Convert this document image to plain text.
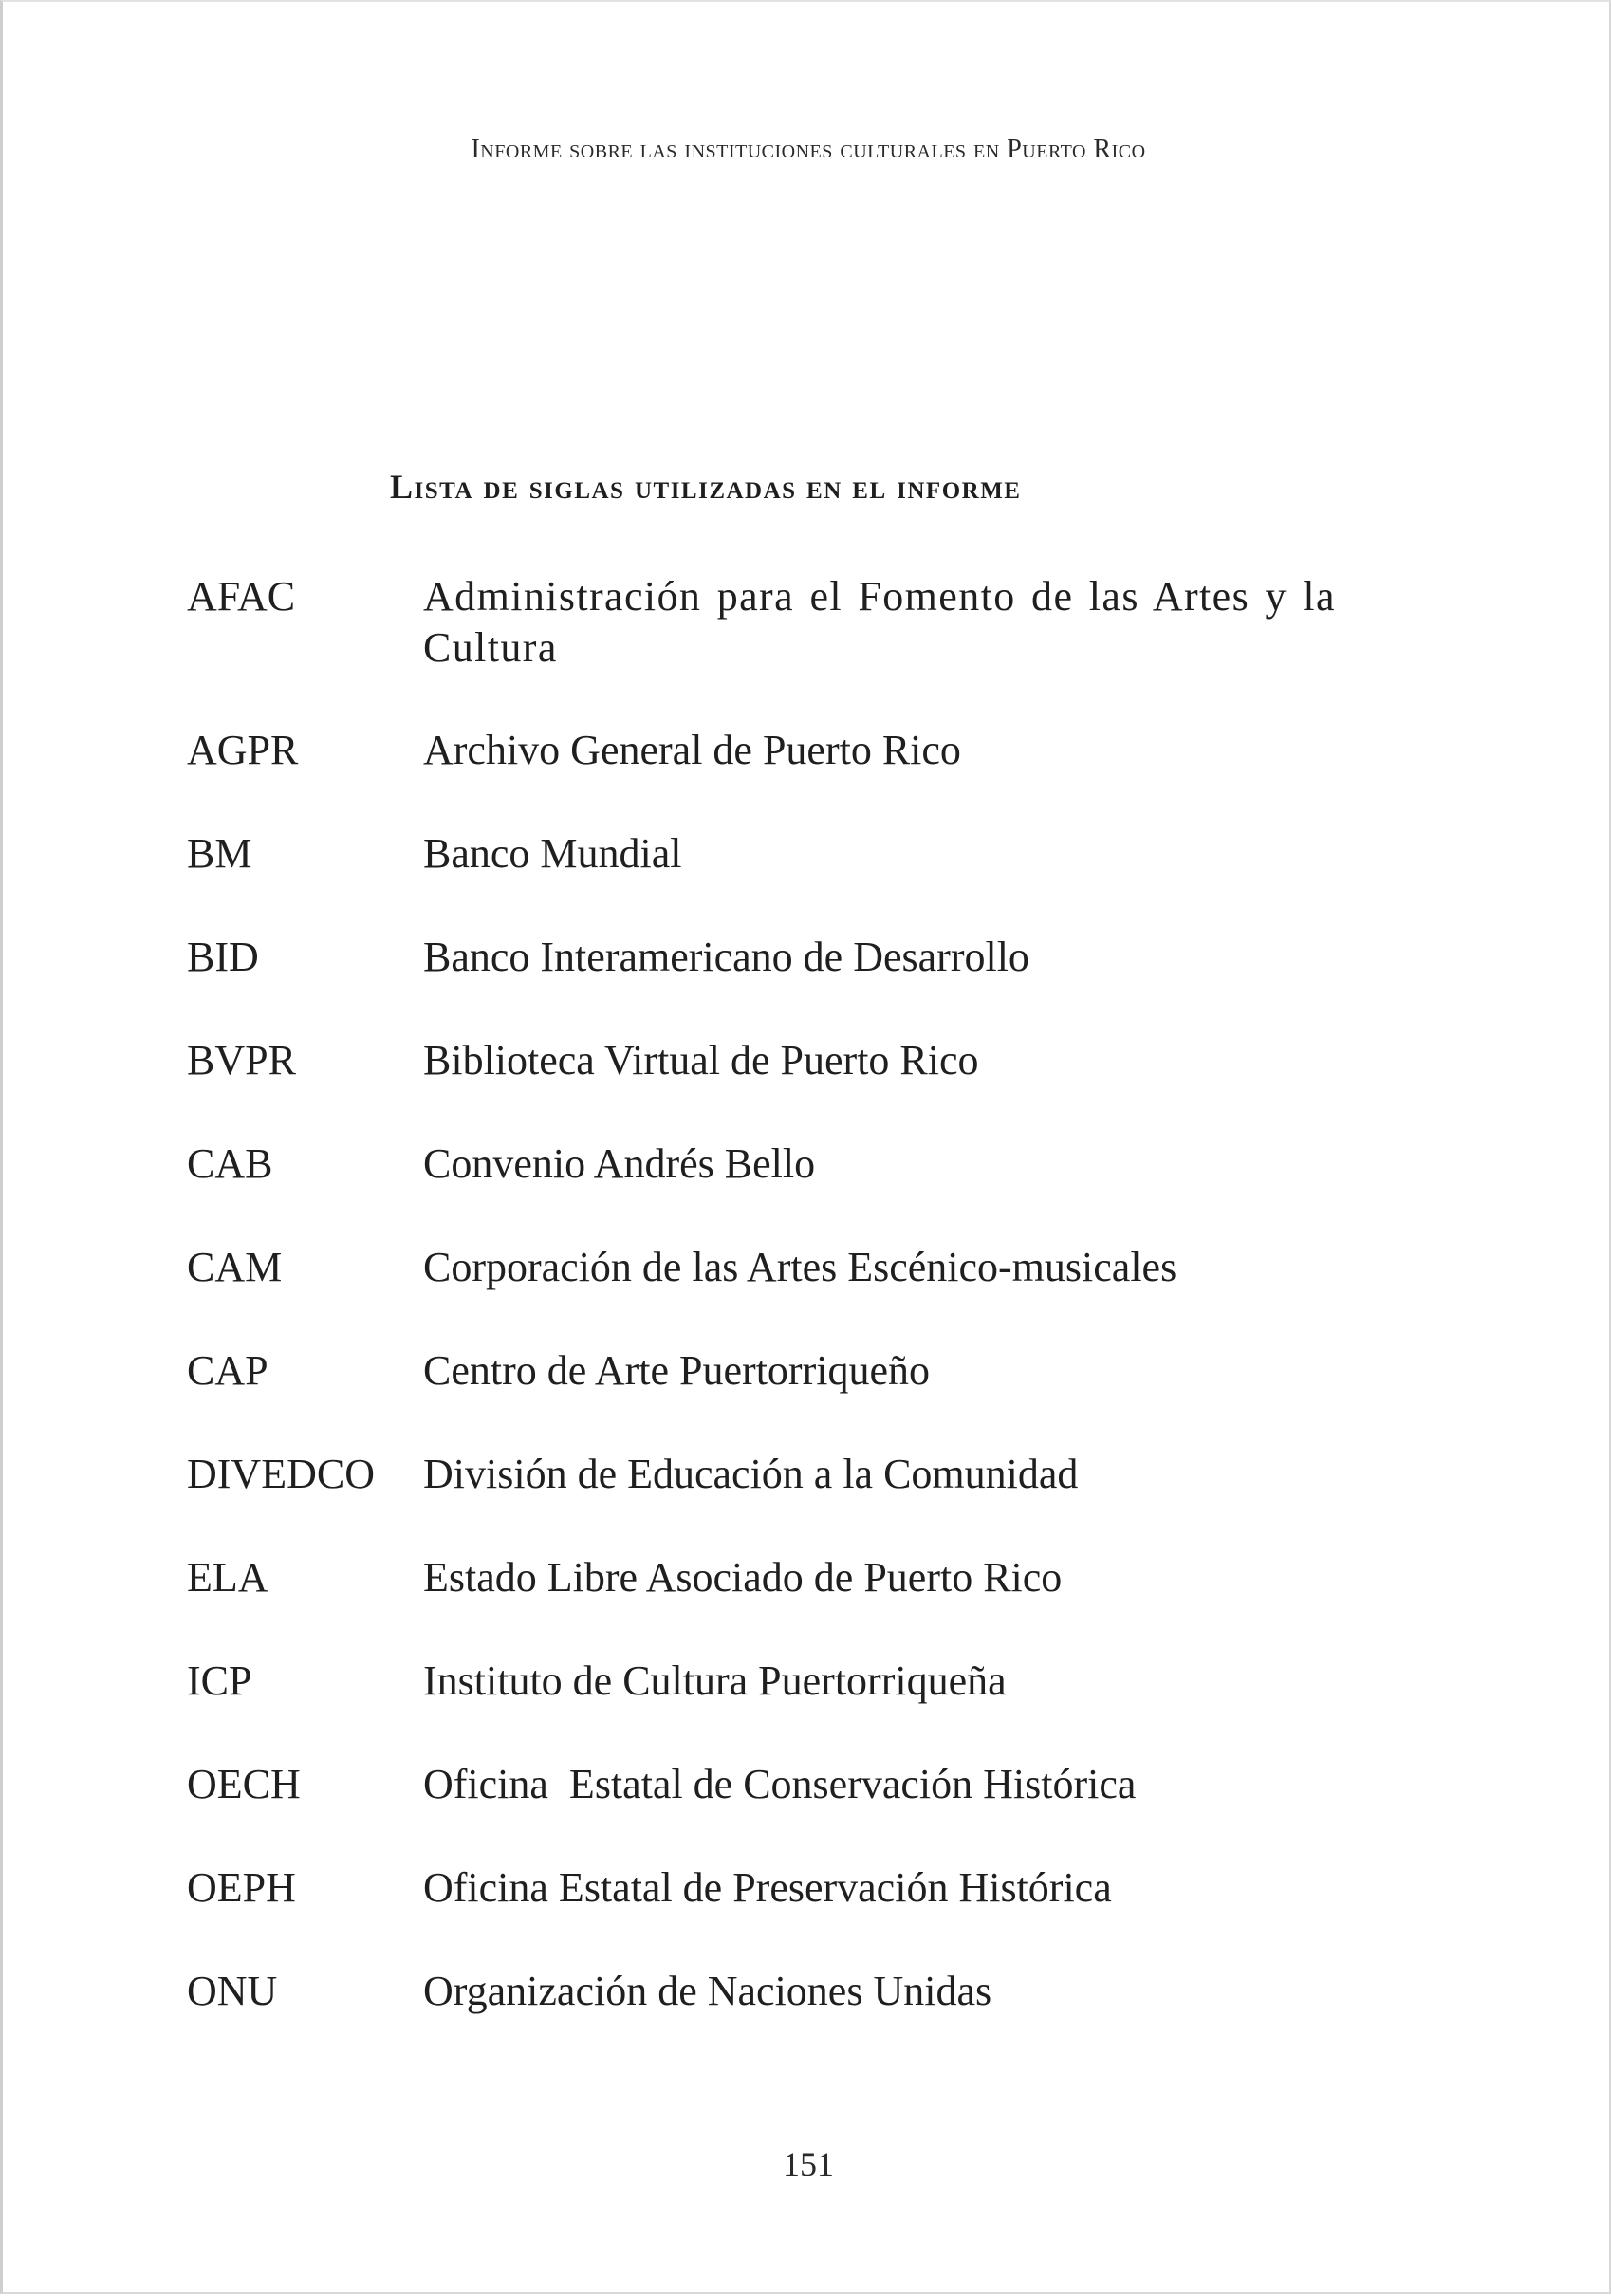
Informe sobre las instituciones culturales en Puerto Rico
Lista de siglas utilizadas en el informe
AFAC	Administración para el Fomento de las Artes y la Cultura
AGPR	Archivo General de Puerto Rico
BM	Banco Mundial
BID	Banco Interamericano de Desarrollo
BVPR	Biblioteca Virtual de Puerto Rico
CAB	Convenio Andrés Bello
CAM	Corporación de las Artes Escénico-musicales
CAP	Centro de Arte Puertorriqueño
DIVEDCO División de Educación a la Comunidad
ELA	Estado Libre Asociado de Puerto Rico
ICP	Instituto de Cultura Puertorriqueña
OECH	Oficina  Estatal de Conservación Histórica
OEPH	Oficina Estatal de Preservación Histórica
ONU	Organización de Naciones Unidas
151
